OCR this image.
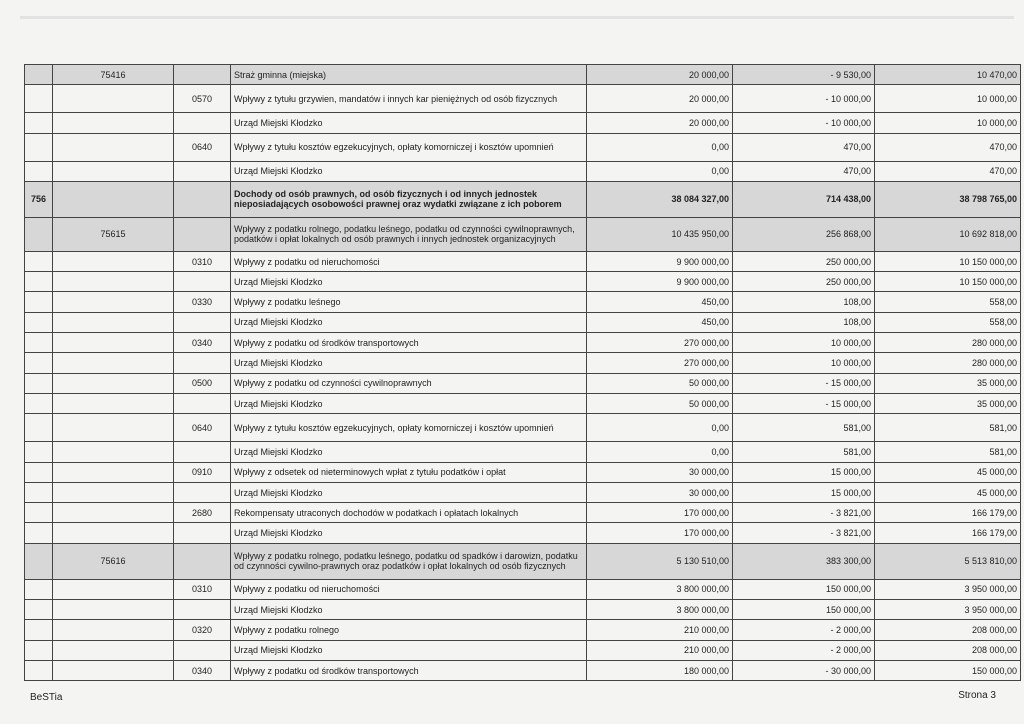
	75416		Straż gminna (miejska)	20 000,00	- 9 530,00	10 470,00
		0570	Wpływy z tytułu grzywien, mandatów i innych kar pieniężnych od osób fizycznych	20 000,00	- 10 000,00	10 000,00
			Urząd Miejski Kłodzko	20 000,00	- 10 000,00	10 000,00
		0640	Wpływy z tytułu kosztów egzekucyjnych, opłaty komorniczej i kosztów upomnień	0,00	470,00	470,00
			Urząd Miejski Kłodzko	0,00	470,00	470,00
756			Dochody od osób prawnych, od osób fizycznych i od innych jednostek nieposiadających osobowości prawnej oraz wydatki związane z ich poborem	38 084 327,00	714 438,00	38 798 765,00
	75615		Wpływy z podatku rolnego, podatku leśnego, podatku od czynności cywilnoprawnych, podatków i opłat lokalnych od osób prawnych i innych jednostek organizacyjnych	10 435 950,00	256 868,00	10 692 818,00
		0310	Wpływy z podatku od nieruchomości	9 900 000,00	250 000,00	10 150 000,00
			Urząd Miejski Kłodzko	9 900 000,00	250 000,00	10 150 000,00
		0330	Wpływy z podatku leśnego	450,00	108,00	558,00
			Urząd Miejski Kłodzko	450,00	108,00	558,00
		0340	Wpływy z podatku od środków transportowych	270 000,00	10 000,00	280 000,00
			Urząd Miejski Kłodzko	270 000,00	10 000,00	280 000,00
		0500	Wpływy z podatku od czynności cywilnoprawnych	50 000,00	- 15 000,00	35 000,00
			Urząd Miejski Kłodzko	50 000,00	- 15 000,00	35 000,00
		0640	Wpływy z tytułu kosztów egzekucyjnych, opłaty komorniczej i kosztów upomnień	0,00	581,00	581,00
			Urząd Miejski Kłodzko	0,00	581,00	581,00
		0910	Wpływy z odsetek od nieterminowych wpłat z tytułu podatków i opłat	30 000,00	15 000,00	45 000,00
			Urząd Miejski Kłodzko	30 000,00	15 000,00	45 000,00
		2680	Rekompensaty utraconych dochodów w podatkach i opłatach lokalnych	170 000,00	- 3 821,00	166 179,00
			Urząd Miejski Kłodzko	170 000,00	- 3 821,00	166 179,00
	75616		Wpływy z podatku rolnego, podatku leśnego, podatku od spadków i darowizn, podatku od czynności cywilno-prawnych oraz podatków i opłat lokalnych od osób fizycznych	5 130 510,00	383 300,00	5 513 810,00
		0310	Wpływy z podatku od nieruchomości	3 800 000,00	150 000,00	3 950 000,00
			Urząd Miejski Kłodzko	3 800 000,00	150 000,00	3 950 000,00
		0320	Wpływy z podatku rolnego	210 000,00	- 2 000,00	208 000,00
			Urząd Miejski Kłodzko	210 000,00	- 2 000,00	208 000,00
		0340	Wpływy z podatku od środków transportowych	180 000,00	- 30 000,00	150 000,00
BeSTia	Strona 3
